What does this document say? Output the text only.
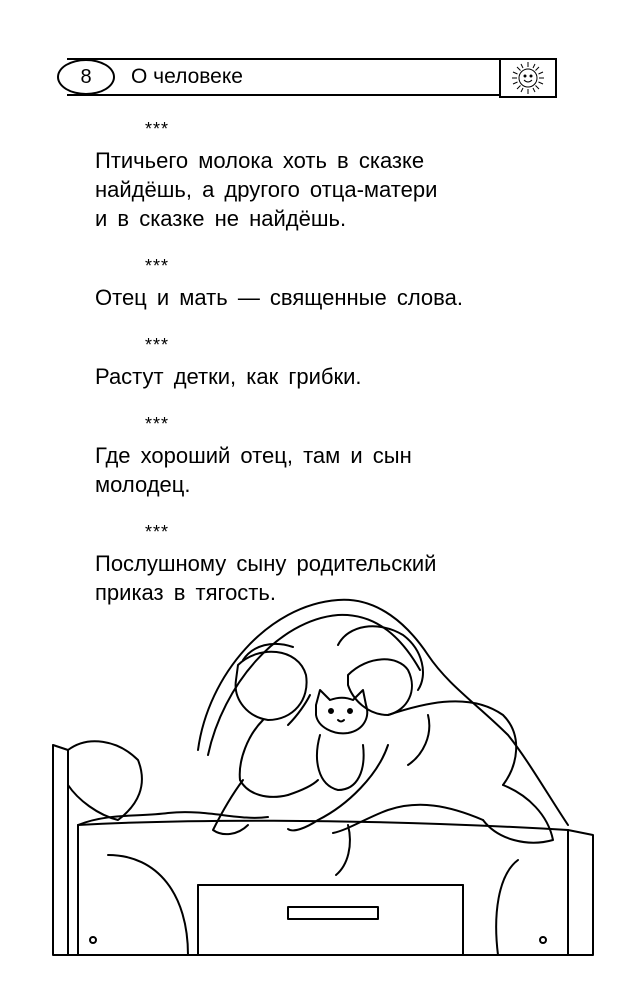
8	О человеке
***
Птичьего молока хоть в сказке
найдёшь, а другого отца-матери
и в сказке не найдёшь.
***
Отец и мать — священные слова.
***
Растут детки, как грибки.
***
Где хороший отец, там и сын
молодец.
***
Послушному сыну родительский
приказ в тягость.
